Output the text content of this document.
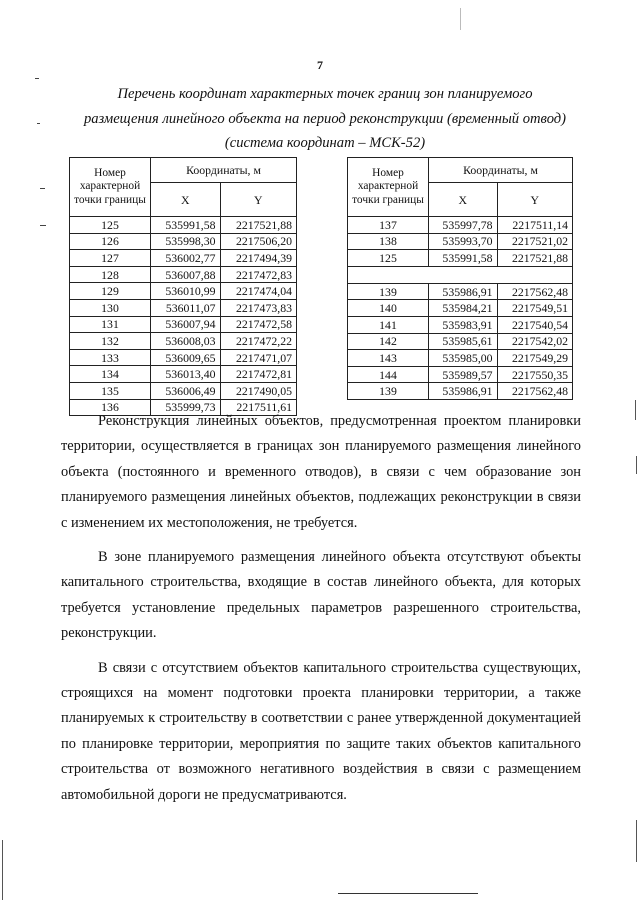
7
Перечень координат характерных точек границ зон планируемого
размещения линейного объекта на период реконструкции (временный отвод)
(система координат – МСК-52)
Номер характерной точки границы	Координаты, м	
	X	Y
125	535991,58	2217521,88
126	535998,30	2217506,20
127	536002,77	2217494,39
128	536007,88	2217472,83
129	536010,99	2217474,04
130	536011,07	2217473,83
131	536007,94	2217472,58
132	536008,03	2217472,22
133	536009,65	2217471,07
134	536013,40	2217472,81
135	536006,49	2217490,05
136	535999,73	2217511,61
Номер характерной точки границы	Координаты, м	
	X	Y
137	535997,78	2217511,14
138	535993,70	2217521,02
125	535991,58	2217521,88

139	535986,91	2217562,48
140	535984,21	2217549,51
141	535983,91	2217540,54
142	535985,61	2217542,02
143	535985,00	2217549,29
144	535989,57	2217550,35
139	535986,91	2217562,48

Реконструкция линейных объектов, предусмотренная проектом планировки территории, осуществляется в границах зон планируемого размещения линейного объекта (постоянного и временного отводов), в связи с чем образование зон планируемого размещения линейных объектов, подлежащих реконструкции в связи с изменением их местоположения, не требуется.

В зоне планируемого размещения линейного объекта отсутствуют объекты капитального строительства, входящие в состав линейного объекта, для которых требуется установление предельных параметров разрешенного строительства, реконструкции.

В связи с отсутствием объектов капитального строительства существующих, строящихся на момент подготовки проекта планировки территории, а также планируемых к строительству в соответствии с ранее утвержденной документацией по планировке территории, мероприятия по защите таких объектов капитального строительства от возможного негативного воздействия в связи с размещением автомобильной дороги не предусматриваются.
